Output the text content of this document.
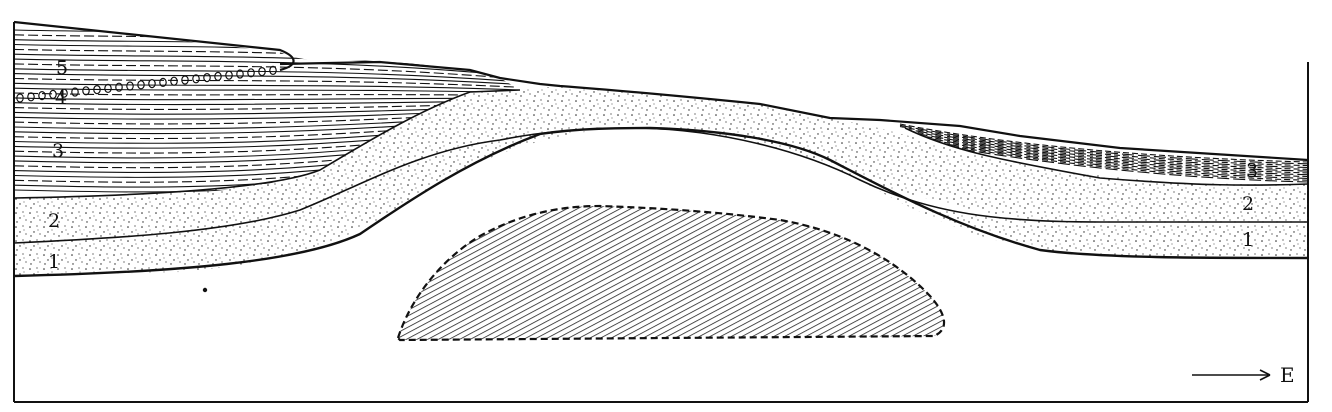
5
4
3
2
1
3
2
1
E
